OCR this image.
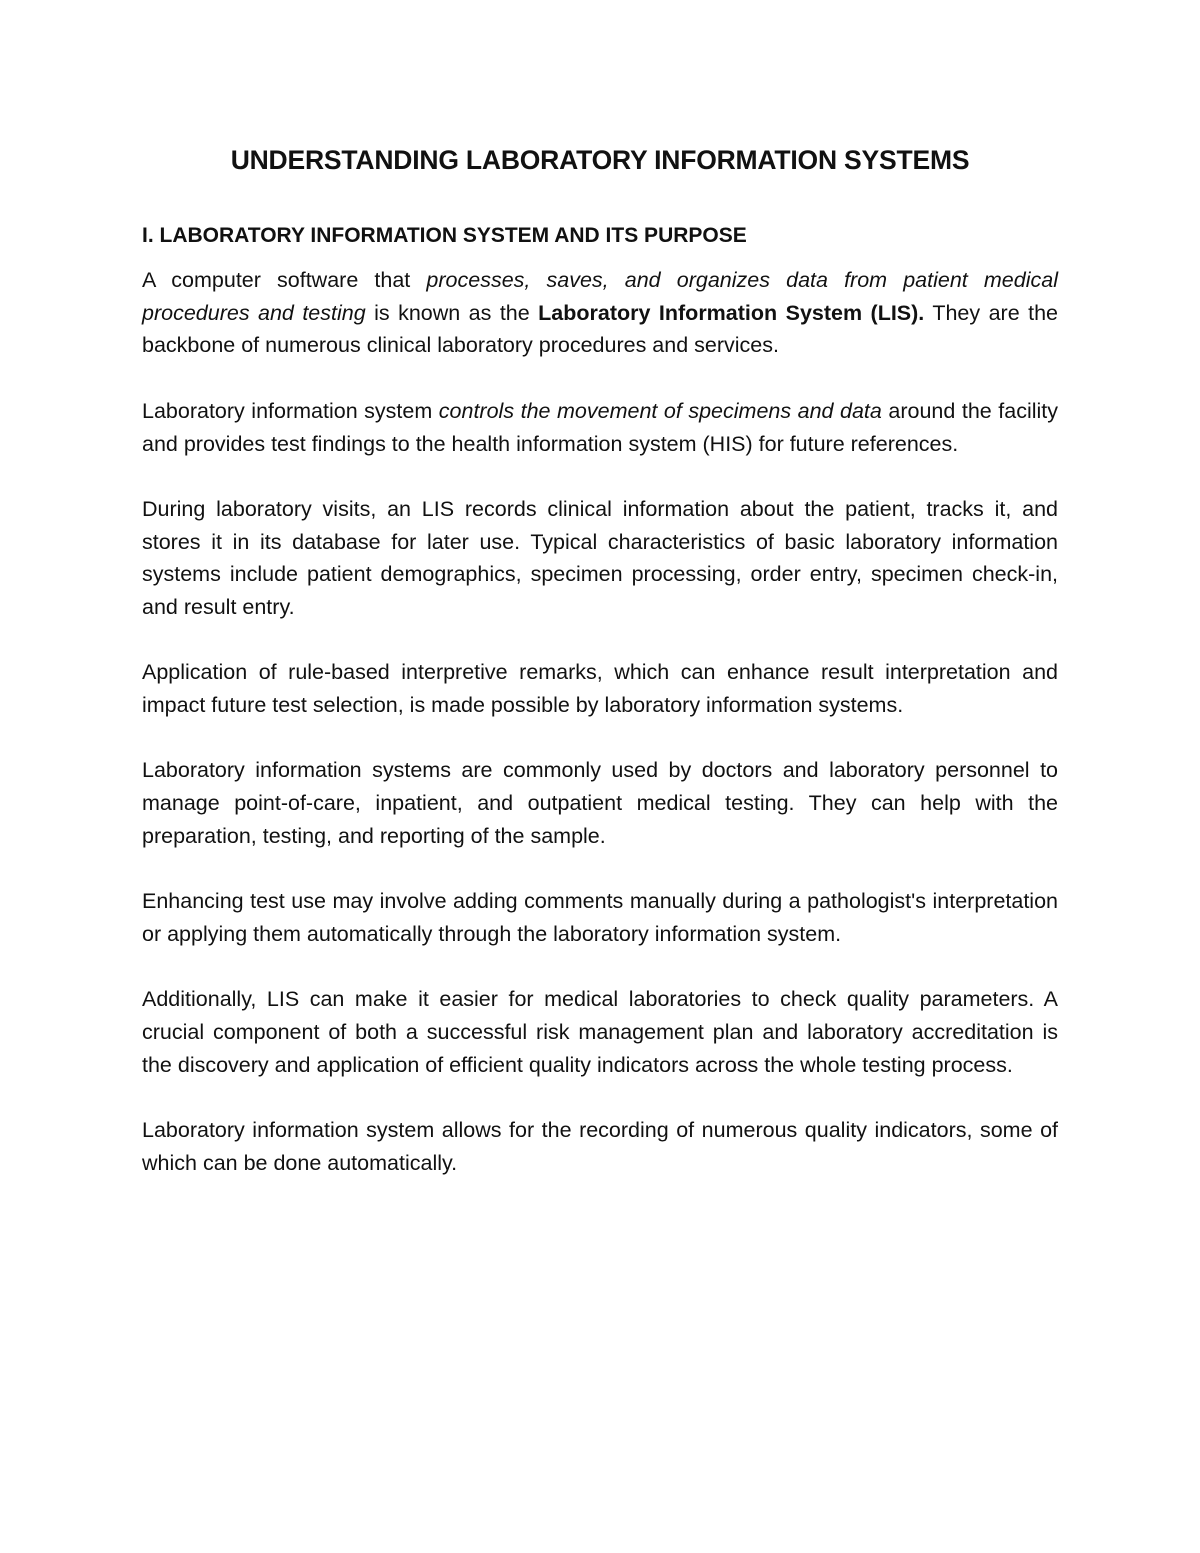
UNDERSTANDING LABORATORY INFORMATION SYSTEMS
I. LABORATORY INFORMATION SYSTEM AND ITS PURPOSE

A computer software that processes, saves, and organizes data from patient medical procedures and testing is known as the Laboratory Information System (LIS). They are the backbone of numerous clinical laboratory procedures and services.

Laboratory information system controls the movement of specimens and data around the facility and provides test findings to the health information system (HIS) for future references.

During laboratory visits, an LIS records clinical information about the patient, tracks it, and stores it in its database for later use. Typical characteristics of basic laboratory information systems include patient demographics, specimen processing, order entry, specimen check-in, and result entry.

Application of rule-based interpretive remarks, which can enhance result interpretation and impact future test selection, is made possible by laboratory information systems.

Laboratory information systems are commonly used by doctors and laboratory personnel to manage point-of-care, inpatient, and outpatient medical testing. They can help with the preparation, testing, and reporting of the sample.

Enhancing test use may involve adding comments manually during a pathologist's interpretation or applying them automatically through the laboratory information system.

Additionally, LIS can make it easier for medical laboratories to check quality parameters. A crucial component of both a successful risk management plan and laboratory accreditation is the discovery and application of efficient quality indicators across the whole testing process.

Laboratory information system allows for the recording of numerous quality indicators, some of which can be done automatically.
